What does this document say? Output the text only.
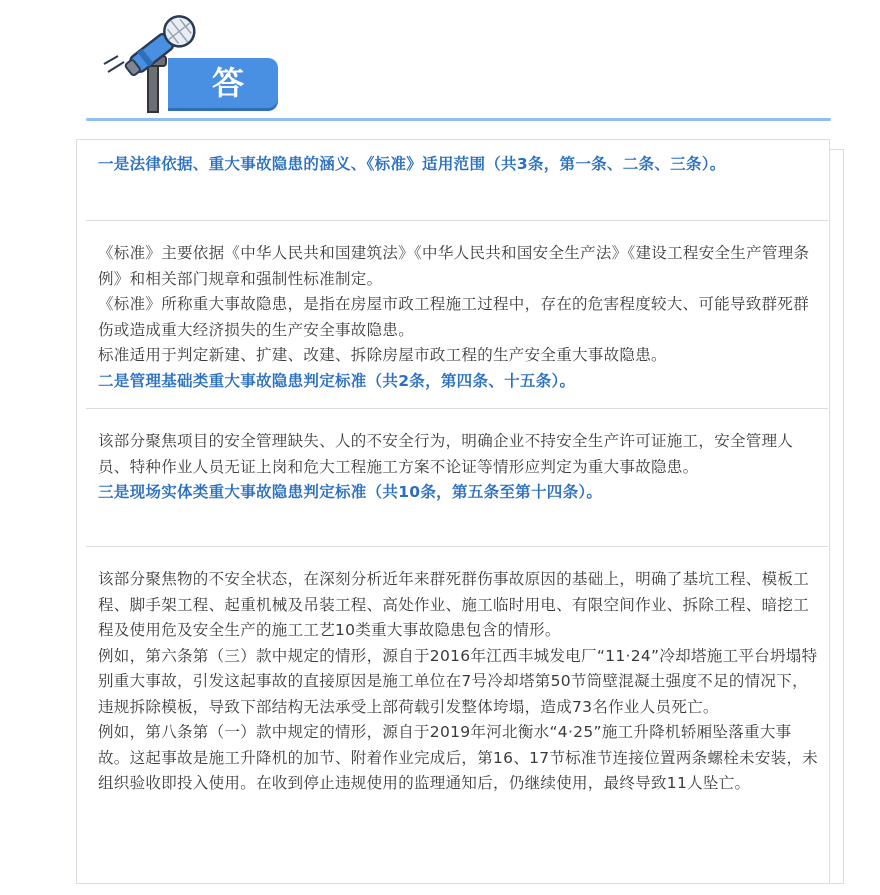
答

一是法律依据、重大事故隐患的涵义、《标准》适用范围（共3条，第一条、二条、三条）。

《标准》主要依据《中华人民共和国建筑法》《中华人民共和国安全生产法》《建设工程安全生产管理条例》和相关部门规章和强制性标准制定。

《标准》所称重大事故隐患，是指在房屋市政工程施工过程中，存在的危害程度较大、可能导致群死群伤或造成重大经济损失的生产安全事故隐患。

标准适用于判定新建、扩建、改建、拆除房屋市政工程的生产安全重大事故隐患。

二是管理基础类重大事故隐患判定标准（共2条，第四条、十五条）。

该部分聚焦项目的安全管理缺失、人的不安全行为，明确企业不持安全生产许可证施工，安全管理人员、特种作业人员无证上岗和危大工程施工方案不论证等情形应判定为重大事故隐患。

三是现场实体类重大事故隐患判定标准（共10条，第五条至第十四条）。

该部分聚焦物的不安全状态，在深刻分析近年来群死群伤事故原因的基础上，明确了基坑工程、模板工程、脚手架工程、起重机械及吊装工程、高处作业、施工临时用电、有限空间作业、拆除工程、暗挖工程及使用危及安全生产的施工工艺10类重大事故隐患包含的情形。

例如，第六条第（三）款中规定的情形，源自于2016年江西丰城发电厂“11·24”冷却塔施工平台坍塌特别重大事故，引发这起事故的直接原因是施工单位在7号冷却塔第50节筒壁混凝土强度不足的情况下，违规拆除模板，导致下部结构无法承受上部荷载引发整体垮塌，造成73名作业人员死亡。

例如，第八条第（一）款中规定的情形，源自于2019年河北衡水“4·25”施工升降机轿厢坠落重大事故。这起事故是施工升降机的加节、附着作业完成后，第16、17节标准节连接位置两条螺栓未安装，未组织验收即投入使用。在收到停止违规使用的监理通知后，仍继续使用，最终导致11人坠亡。
